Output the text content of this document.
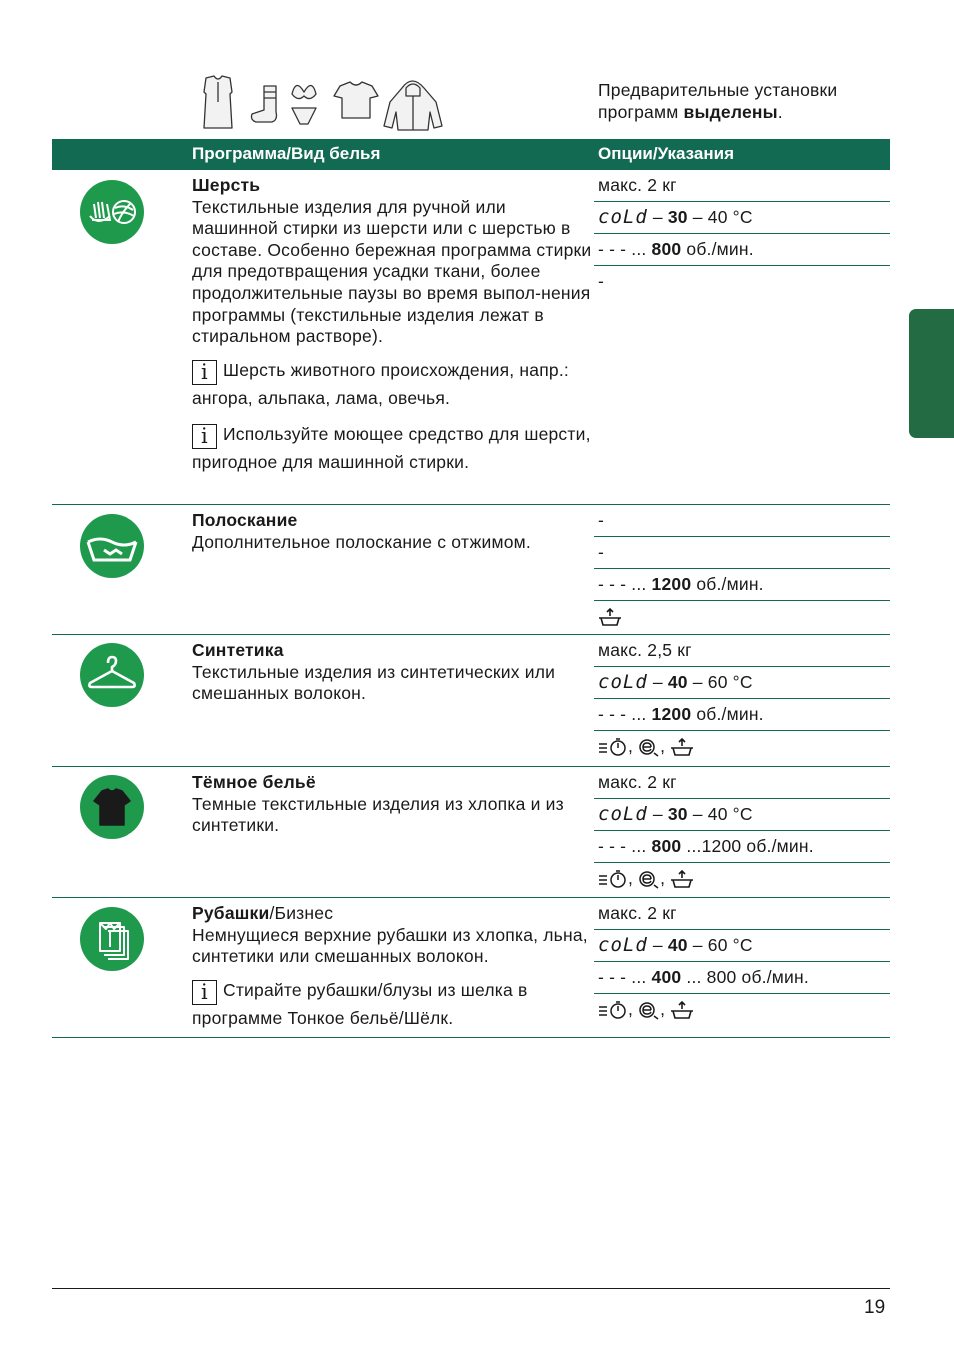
Предварительные установки программ выделены.
Программа/Вид белья	Опции/Указания
Шерсть
Текстильные изделия для ручной или машинной стирки из шерсти или с шерстью в составе. Особенно бережная программа стирки для предотвращения усадки ткани, более продолжительные паузы во время выпол-нения программы (текстильные изделия лежат в стиральном растворе).
i Шерсть животного происхождения, напр.: ангора, альпака, лама, овечья.
i Используйте моющее средство для шерсти, пригодное для машинной стирки.
макс. 2 кг
coLd – 30 – 40 °C
- - - ... 800 об./мин.
-
Полоскание
Дополнительное полоскание с отжимом.
-
-
- - - ... 1200 об./мин.
Синтетика
Текстильные изделия из синтетических или смешанных волокон.
макс. 2,5 кг
coLd – 40 – 60 °C
- - - ... 1200 об./мин.
, ,
Тёмное бельё
Темные текстильные изделия из хлопка и из синтетики.
макс. 2 кг
coLd – 30 – 40 °C
- - - ... 800 ...1200 об./мин.
, ,
Рубашки/Бизнес
Немнущиеся верхние рубашки из хлопка, льна, синтетики или смешанных волокон.
i Стирайте рубашки/блузы из шелка в программе Тонкое бельё/Шёлк.
макс. 2 кг
coLd – 40 – 60 °C
- - - ... 400 ... 800 об./мин.
, ,
19
